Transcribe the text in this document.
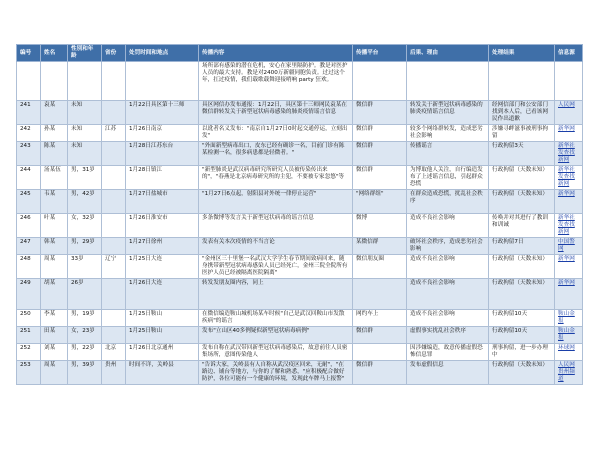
编号	姓名	性别和年龄	省份	处罚时间和地点	传播内容	传播平台	后果、理由	处理结果	信息源
					场所部有感染的潜在危机，安心在家里隔防护。教是对医护人员的最大支持。教是对2400万新疆同胞负责。过过这个年，扛过疫情，我们载歌载舞迎接哨响 party 狂欢。				
241	袁某	未知		1月22日具区第十三师	具区网信办发布通报：1月22日，具区第十三师网民袁某在微信群转发关于新型冠状病毒感染的肺炎疫情谣言信息	微信群	转发关于新型冠状病毒感染的肺炎疫情谣言信息	经网信部门和公安部门找到本人后，已看该网民作出道歉	人民网
242	孙某	未知	江苏	1月26日南京	以讹者名义发布："南京自1月27日0时起交通停运，立刻出发"	微信群	较多个网络群转发，造成恶劣社会影响	涉嫌寻衅滋事被刑事拘留	新华网
243	陈某	未知		1月28日江苏东台	"外面新型病毒出口，皮东已经有确诊一名，目前门诊有陈某检测一名，很多病患都是轻微者。"	微信群	传播谣言	行政拘留3天	新华社发查找新网
244	汤某伍	男，31岁		1月28日镇江	"新型肺炎是武汉病毒研究所研究人员被传染传出来的"，"春燕是北京病毒研究所的主犯，不要被专家忽悠"等	微信群	为博取他人关注，自行编造发布了上述谣言信息，引起群众恐慌	行政拘留（天数未知）	新华社发查找新网
245	韦某	男，42岁		1月27日盐城市	"1月27日6点起，射阳县对外统一律停止运营"	"网络群组"	在群众造成恐慌，扰乱社会秩序	行政拘留（天数未知）	新华网
246	叶某	女，32岁		1月26日淮安市	多条微博等发言关于新型冠状病毒的谣言信息	微博	造成不良社会影响	传唤并对其进行了教训和训诫	新华社发查找新网
247	韩某	男，29岁		1月27日徐州	发表有关本次疫情的不当言论	某微信群	破坏社会秩序，造成恶劣社会影响	行政拘留7日	中国警网
248	周某	33岁	辽宁	1月25日大连	"金州区三十里堡一名武汉大学学生春节期间致病回来，随身携带新型冠状病毒感染人员已经死亡，金州三院全院所有医护人员已经被隔离医院隔离"	微信朋友圈	造成不良社会影响	行政拘留（天数未知）	新华网
249	胡某	26岁		1月26日大连	转发发朋友圈内容，同上		造成不良社会影响	行政拘留（天数未知）	新华网
250	李某	男，19岁		1月25日鞍山	在微信编造鞍山城机场某车时候"自己是武汉回鞍山市发散疾病"的谣言	网约车上	造成不良社会影响	行政拘留10天	鞍山金报
251	田某	女，23岁		1月25日鞍山	发布"立山区40多例疑似新型冠状病毒病例"	微信群	虚假事实扰乱社会秩序	行政拘留10天	鞍山金报
252	刘某	男，22岁	北京	1月26日北京通州	发布自称在武汉带回新型冠状病毒感染后，故意前往人员密集场所，意图传染他人		因涉嫌编造，故意传播虚假恐怖信息罪	刑事拘留，进一步办理中	环球网
253	周某	男，39岁	贵州	时间不详，关岭县	"告诉大家，关岭县有人自称从武汉疫区回来，无耐"，"在路边、铺台等地方，与你的了解和熟悉，"应积极配合做好防护，各位可能有一个健康的环境，发现此车牌马上报警"	微信群	发布虚假信息	行政拘留（天数未知）	人民网贵州频道
